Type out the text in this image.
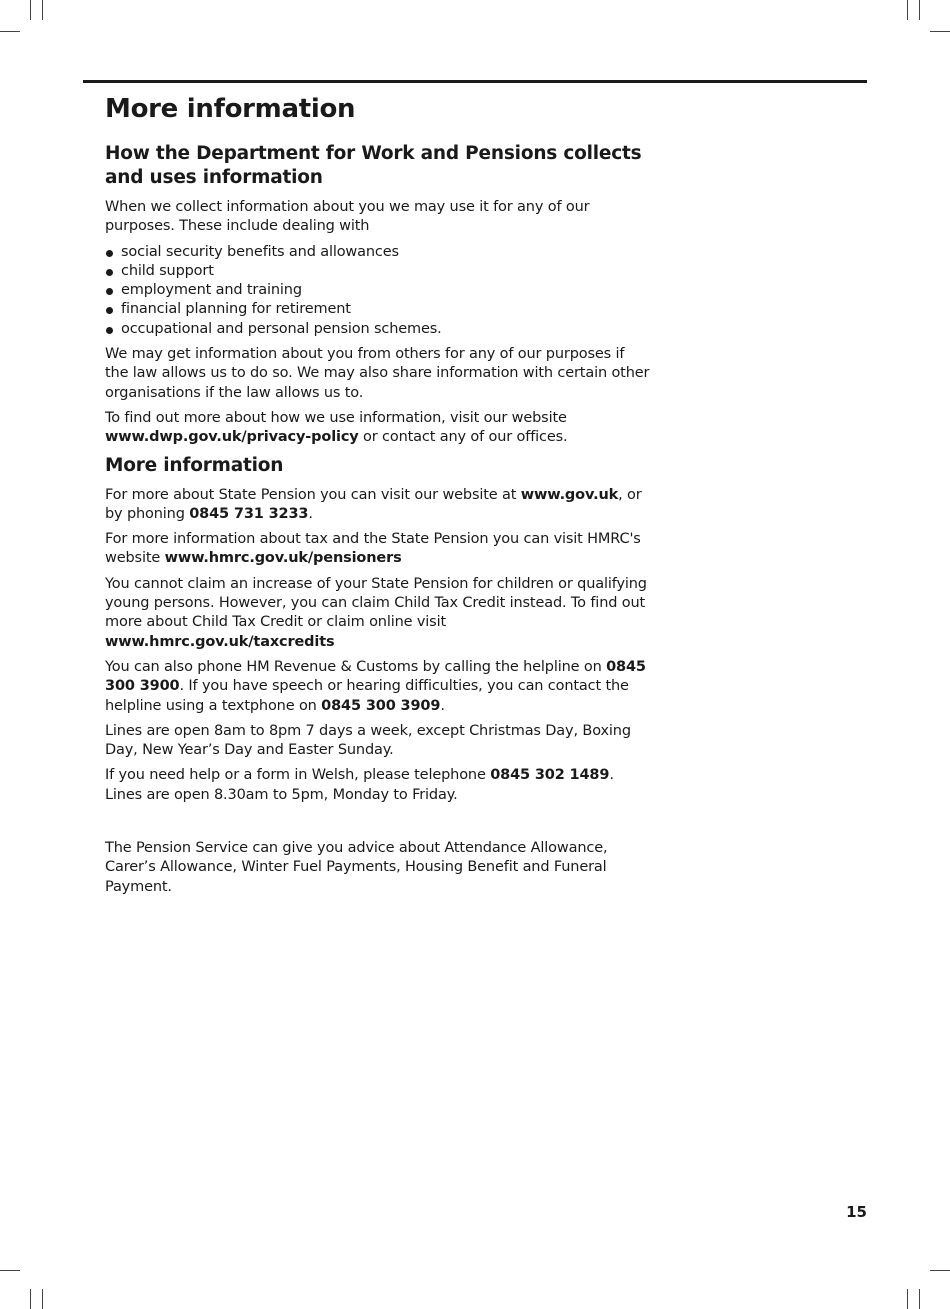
More information
How the Department for Work and Pensions collects and uses information

When we collect information about you we may use it for any of our purposes. These include dealing with

social security benefits and allowances
child support
employment and training
financial planning for retirement
occupational and personal pension schemes.

We may get information about you from others for any of our purposes if the law allows us to do so. We may also share information with certain other organisations if the law allows us to.

To find out more about how we use information, visit our website www.dwp.gov.uk/privacy-policy or contact any of our offices.

More information

For more about State Pension you can visit our website at www.gov.uk, or by phoning 0845 731 3233.

For more information about tax and the State Pension you can visit HMRC's website www.hmrc.gov.uk/pensioners

You cannot claim an increase of your State Pension for children or qualifying young persons. However, you can claim Child Tax Credit instead. To find out more about Child Tax Credit or claim online visit www.hmrc.gov.uk/taxcredits

You can also phone HM Revenue & Customs by calling the helpline on 0845 300 3900. If you have speech or hearing difficulties, you can contact the helpline using a textphone on 0845 300 3909.

Lines are open 8am to 8pm 7 days a week, except Christmas Day, Boxing Day, New Year’s Day and Easter Sunday.

If you need help or a form in Welsh, please telephone 0845 302 1489. Lines are open 8.30am to 5pm, Monday to Friday.

The Pension Service can give you advice about Attendance Allowance, Carer’s Allowance, Winter Fuel Payments, Housing Benefit and Funeral Payment.

15
